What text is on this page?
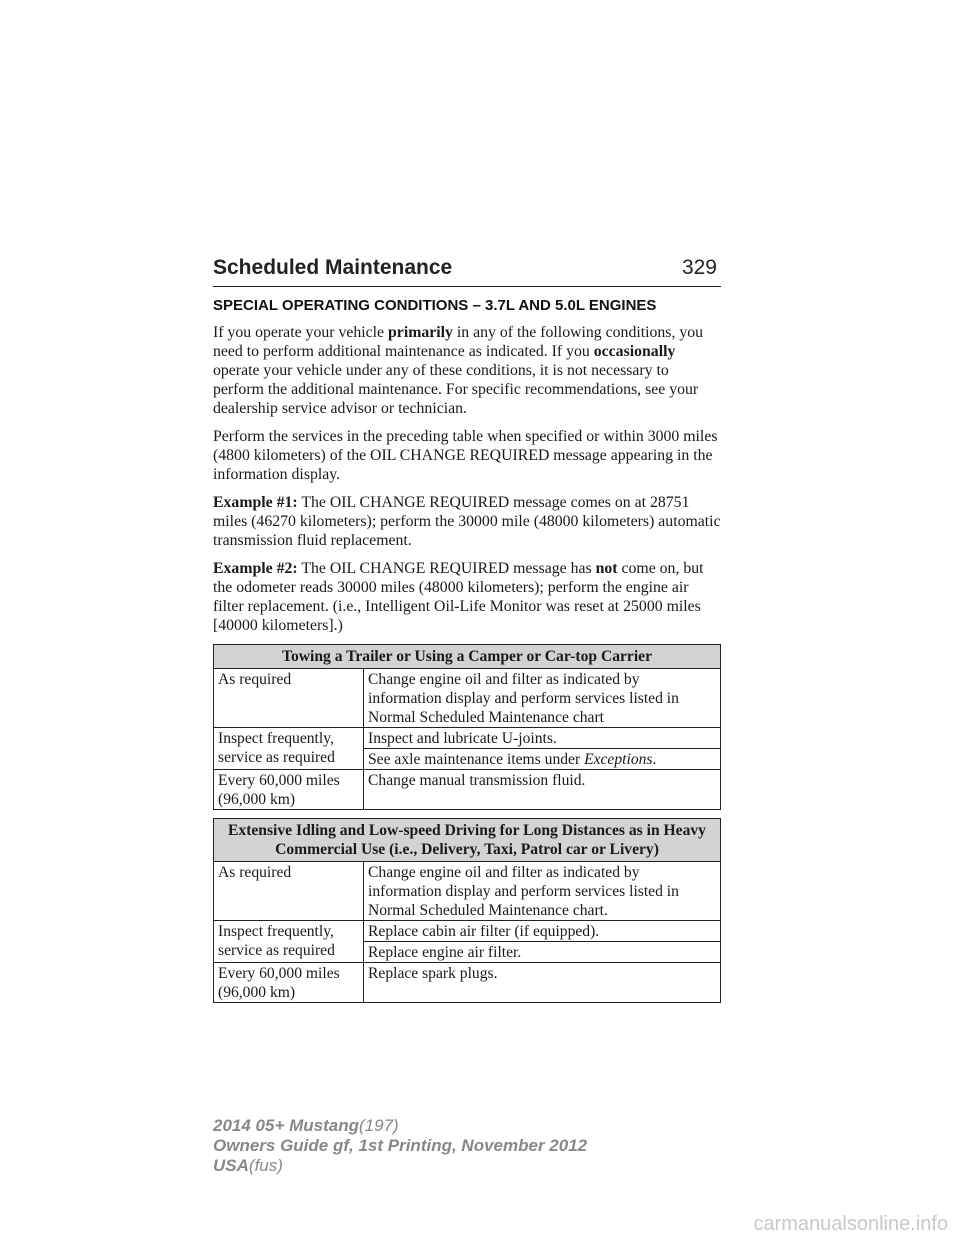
Scheduled Maintenance	329
SPECIAL OPERATING CONDITIONS – 3.7L AND 5.0L ENGINES

If you operate your vehicle primarily in any of the following conditions, you need to perform additional maintenance as indicated. If you occasionally operate your vehicle under any of these conditions, it is not necessary to perform the additional maintenance. For specific recommendations, see your dealership service advisor or technician.

Perform the services in the preceding table when specified or within 3000 miles (4800 kilometers) of the OIL CHANGE REQUIRED message appearing in the information display.

Example #1: The OIL CHANGE REQUIRED message comes on at 28751 miles (46270 kilometers); perform the 30000 mile (48000 kilometers) automatic transmission fluid replacement.

Example #2: The OIL CHANGE REQUIRED message has not come on, but the odometer reads 30000 miles (48000 kilometers); perform the engine air filter replacement. (i.e., Intelligent Oil-Life Monitor was reset at 25000 miles [40000 kilometers].)

Towing a Trailer or Using a Camper or Car-top Carrier	
As required	Change engine oil and filter as indicated by information display and perform services listed in Normal Scheduled Maintenance chart
Inspect frequently, service as required	Inspect and lubricate U-joints.
	See axle maintenance items under Exceptions.
Every 60,000 miles (96,000 km)	Change manual transmission fluid.
Extensive Idling and Low-speed Driving for Long Distances as in Heavy Commercial Use (i.e., Delivery, Taxi, Patrol car or Livery)	
As required	Change engine oil and filter as indicated by information display and perform services listed in Normal Scheduled Maintenance chart.
Inspect frequently, service as required	Replace cabin air filter (if equipped).
	Replace engine air filter.
Every 60,000 miles (96,000 km)	Replace spark plugs.
2014 05+ Mustang(197)
Owners Guide gf, 1st Printing, November 2012
USA(fus)
carmanualsonline.info
